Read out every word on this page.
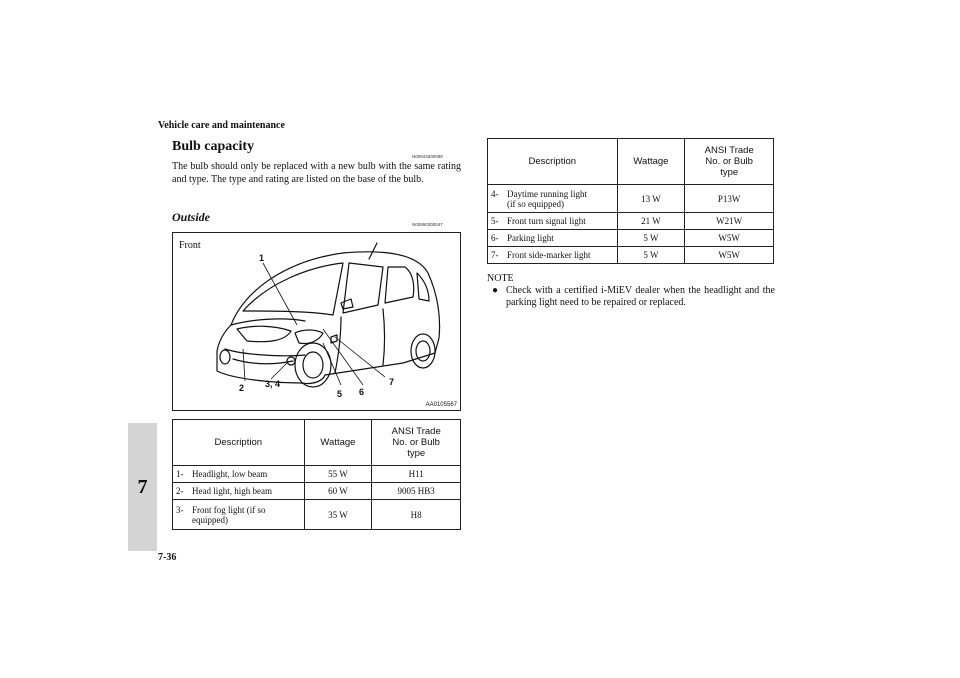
Vehicle care and maintenance
7
7-36
Bulb capacity
N00943000099
The bulb should only be replaced with a new bulb with the same rating and type. The type and rating are listed on the base of the bulb.
Outside
N00950300047
1
2 3, 4
5 6
7
Front
AA0105567
Description	Wattage	ANSI Trade
No. or Bulb
type

1- Headlight, low beam	55 W	H11
2- Head light, high beam	60 W	9005 HB3
3- Front fog light (if so
equipped)	35 W	H8
Description	Wattage	ANSI Trade
No. or Bulb
type

4- Daytime running light
(if so equipped)	13 W	P13W
5- Front turn signal light	21 W	W21W
6- Parking light	5 W	W5W
7- Front side-marker light	5 W	W5W
NOTE
● Check with a certified i-MiEV dealer when the headlight and the parking light need to be repaired or replaced.
